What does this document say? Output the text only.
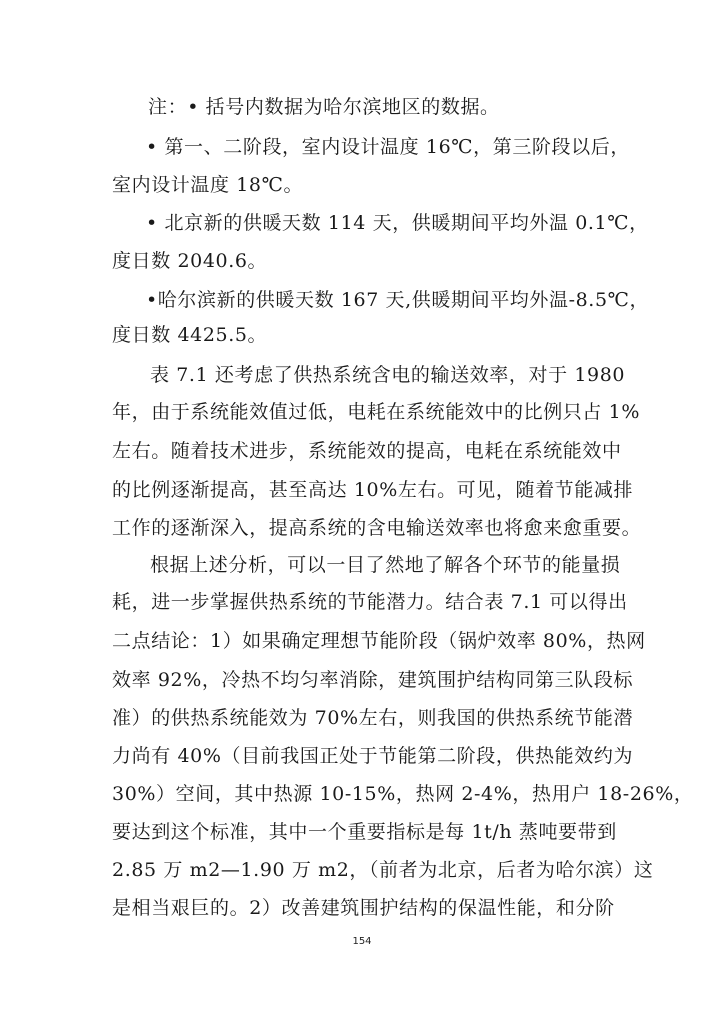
注：• 括号内数据为哈尔滨地区的数据。
• 第一、二阶段，室内设计温度 16℃，第三阶段以后，
室内设计温度 18℃。
• 北京新的供暖天数 114 天，供暖期间平均外温 0.1℃，
度日数 2040.6。
•哈尔滨新的供暖天数 167 天,供暖期间平均外温-8.5℃，
度日数 4425.5。
表 7.1 还考虑了供热系统含电的输送效率，对于 1980
年，由于系统能效值过低，电耗在系统能效中的比例只占 1%
左右。随着技术进步，系统能效的提高，电耗在系统能效中
的比例逐渐提高，甚至高达 10%左右。可见，随着节能减排
工作的逐渐深入，提高系统的含电输送效率也将愈来愈重要。
根据上述分析，可以一目了然地了解各个环节的能量损
耗，进一步掌握供热系统的节能潜力。结合表 7.1 可以得出
二点结论：1）如果确定理想节能阶段（锅炉效率 80%，热网
效率 92%，冷热不均匀率消除，建筑围护结构同第三队段标
准）的供热系统能效为 70%左右，则我国的供热系统节能潜
力尚有 40%（目前我国正处于节能第二阶段，供热能效约为
30%）空间，其中热源 10-15%，热网 2-4%，热用户 18-26%，
要达到这个标准，其中一个重要指标是每 1t/h 蒸吨要带到
2.85 万 m2—1.90 万 m2，（前者为北京，后者为哈尔滨）这
是相当艰巨的。2）改善建筑围护结构的保温性能，和分阶
154
